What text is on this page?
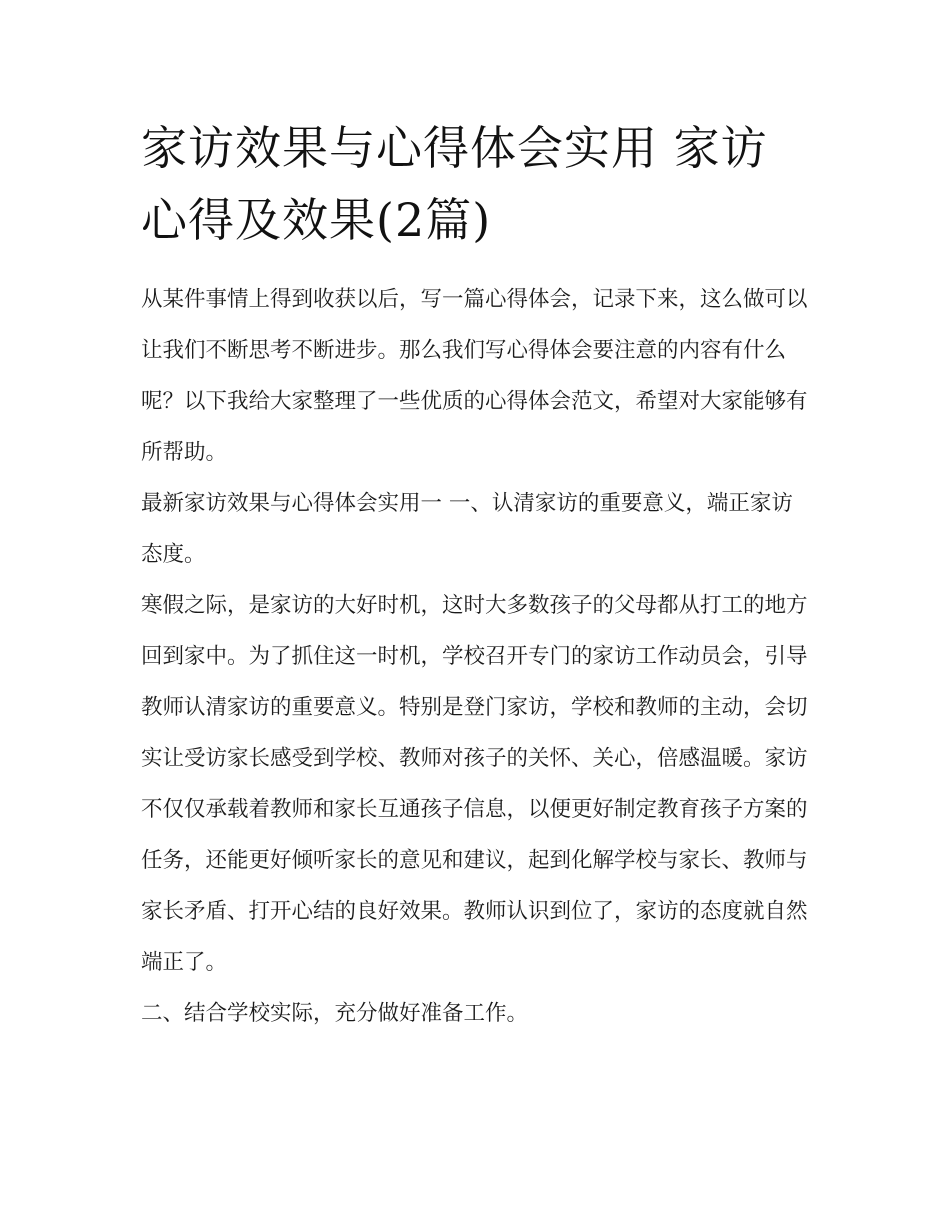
家访效果与心得体会实用 家访心得及效果(2篇)

从某件事情上得到收获以后，写一篇心得体会，记录下来，这么做可以让我们不断思考不断进步。那么我们写心得体会要注意的内容有什么呢？以下我给大家整理了一些优质的心得体会范文，希望对大家能够有所帮助。

最新家访效果与心得体会实用一 一、认清家访的重要意义，端正家访态度。

寒假之际，是家访的大好时机，这时大多数孩子的父母都从打工的地方回到家中。为了抓住这一时机，学校召开专门的家访工作动员会，引导教师认清家访的重要意义。特别是登门家访，学校和教师的主动，会切实让受访家长感受到学校、教师对孩子的关怀、关心，倍感温暖。家访不仅仅承载着教师和家长互通孩子信息，以便更好制定教育孩子方案的任务，还能更好倾听家长的意见和建议，起到化解学校与家长、教师与家长矛盾、打开心结的良好效果。教师认识到位了，家访的态度就自然端正了。

二、结合学校实际，充分做好准备工作。
